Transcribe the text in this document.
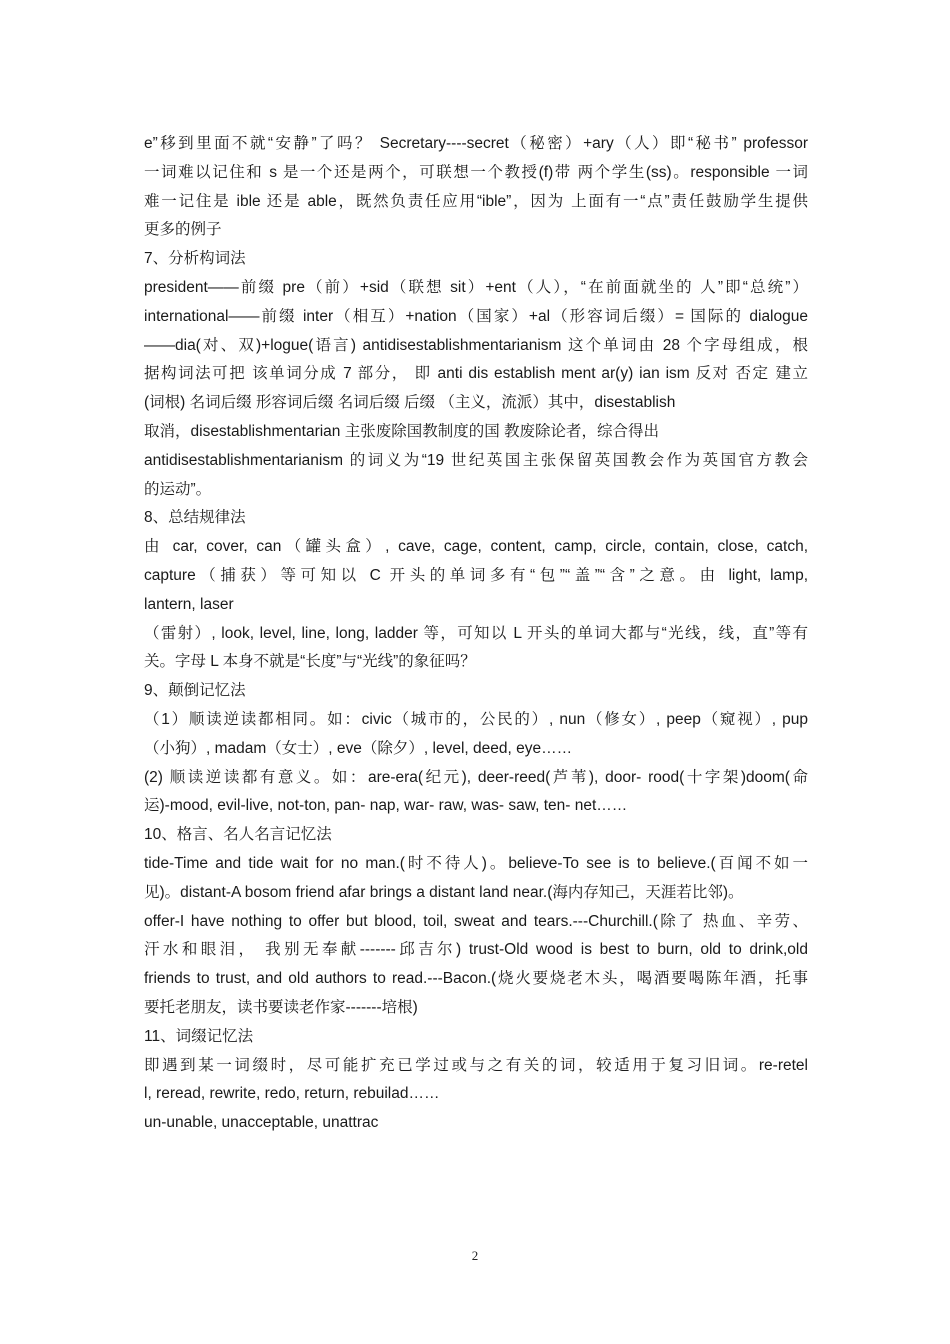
e”移到里面不就“安静”了吗？ Secretary----secret（秘密）+ary（人）即“秘书” professor
一词难以记住和 s 是一个还是两个，可联想一个教授(f)带 两个学生(ss)。responsible 一词
难一记住是 ible 还是 able，既然负责任应用“ible”，因为 上面有一“点”责任鼓励学生提供
更多的例子
7、分析构词法
president——前缀 pre（前）+sid（联想 sit）+ent（人），“在前面就坐的 人”即“总统”）
international——前缀 inter（相互）+nation（国家）+al（形容词后缀）= 国际的 dialogue
——dia(对、双)+logue(语言) antidisestablishmentarianism 这个单词由 28 个字母组成，根
据构词法可把 该单词分成 7 部分， 即 anti dis establish ment ar(y) ian ism 反对 否定 建立
(词根) 名词后缀 形容词后缀 名词后缀 后缀 （主义，流派）其中，disestablish
取消，disestablishmentarian 主张废除国教制度的国 教废除论者，综合得出
antidisestablishmentarianism 的词义为“19 世纪英国主张保留英国教会作为英国官方教会
的运动”。
8、总结规律法
由 car, cover, can（罐头盒）, cave, cage, content, camp, circle, contain, close, catch,
capture（捕获）等可知以 C 开头的单词多有“包”“盖”“含”之意。由 light, lamp,
lantern, laser
（雷射）, look, level, line, long, ladder 等，可知以 L 开头的单词大都与“光线，线，直”等有
关。字母 L 本身不就是“长度”与“光线”的象征吗？
9、颠倒记忆法
（1）顺读逆读都相同。如：civic（城市的，公民的）, nun（修女）, peep（窥视）, pup
（小狗）, madam（女士）, eve（除夕）, level, deed, eye……
(2) 顺读逆读都有意义。如：are-era(纪元), deer-reed(芦苇), door- rood(十字架)doom(命
运)-mood, evil-live, not-ton, pan- nap, war- raw, was- saw, ten- net……
10、格言、名人名言记忆法
tide-Time and tide wait for no man.(时不待人)。believe-To see is to believe.(百闻不如一
见)。distant-A bosom friend afar brings a distant land near.(海内存知己，天涯若比邻)。
offer-I have nothing to offer but blood, toil, sweat and tears.---Churchill.(除了 热血、辛劳、
汗水和眼泪， 我别无奉献-------邱吉尔) trust-Old wood is best to burn, old to drink,old
friends to trust, and old authors to read.---Bacon.(烧火要烧老木头，喝酒要喝陈年酒，托事
要托老朋友，读书要读老作家-------培根)
11、词缀记忆法
即遇到某一词缀时，尽可能扩充已学过或与之有关的词，较适用于复习旧词。re-retel
l, reread, rewrite, redo, return, rebuilad……
un-unable, unacceptable, unattrac
2
